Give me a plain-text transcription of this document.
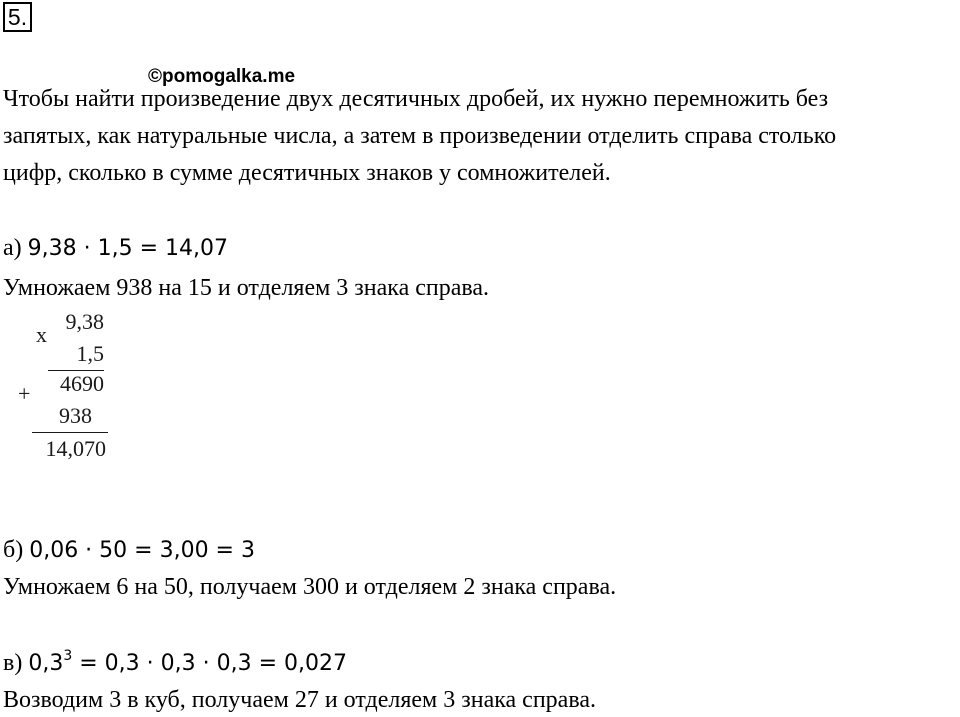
5.
Чтобы найти произведение двух десятичных дробей, их нужно перемножить без
©pomogalka.me
запятых, как натуральные числа, а затем в произведении отделить справа столько
цифр, сколько в сумме десятичных знаков у сомножителей.
а) 9,38 · 1,5 = 14,07
Умножаем 938 на 15 и отделяем 3 знака справа.
x
9,38
1,5
+	4690
938
14,070
б) 0,06 · 50 = 3,00 = 3
Умножаем 6 на 50, получаем 300 и отделяем 2 знака справа.
в) $0,3^3 = 0,3 \cdot 0,3 \cdot 0,3 = 0,027$
Возводим 3 в куб, получаем 27 и отделяем 3 знака справа.
